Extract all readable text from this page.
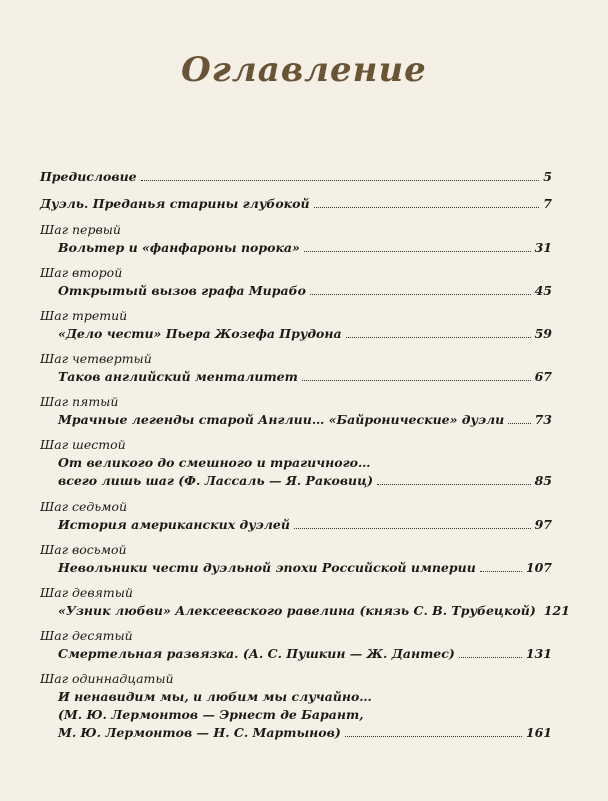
Оглавление
Предисловие	5
Дуэль. Преданья старины глубокой	7
Шаг первый
Вольтер и «фанфароны порока»	31
Шаг второй
Открытый вызов графа Мирабо	45
Шаг третий
«Дело чести» Пьера Жозефа Прудона	59
Шаг четвертый
Таков английский менталитет	67
Шаг пятый
Мрачные легенды старой Англии… «Байронические» дуэли 73
Шаг шестой
От великого до смешного и трагичного…
всего лишь шаг (Ф. Лассаль — Я. Раковиц)	85
Шаг седьмой
История американских дуэлей	97
Шаг восьмой
Невольники чести дуэльной эпохи Российской империи	107
Шаг девятый
«Узник любви» Алексеевского равелина (князь С. В. Трубецкой) 121
Шаг десятый
Смертельная развязка. (А. С. Пушкин — Ж. Дантес)	131
Шаг одиннадцатый
И ненавидим мы, и любим мы случайно…
(М. Ю. Лермонтов — Эрнест де Барант,
М. Ю. Лермонтов — Н. С. Мартынов)	161
